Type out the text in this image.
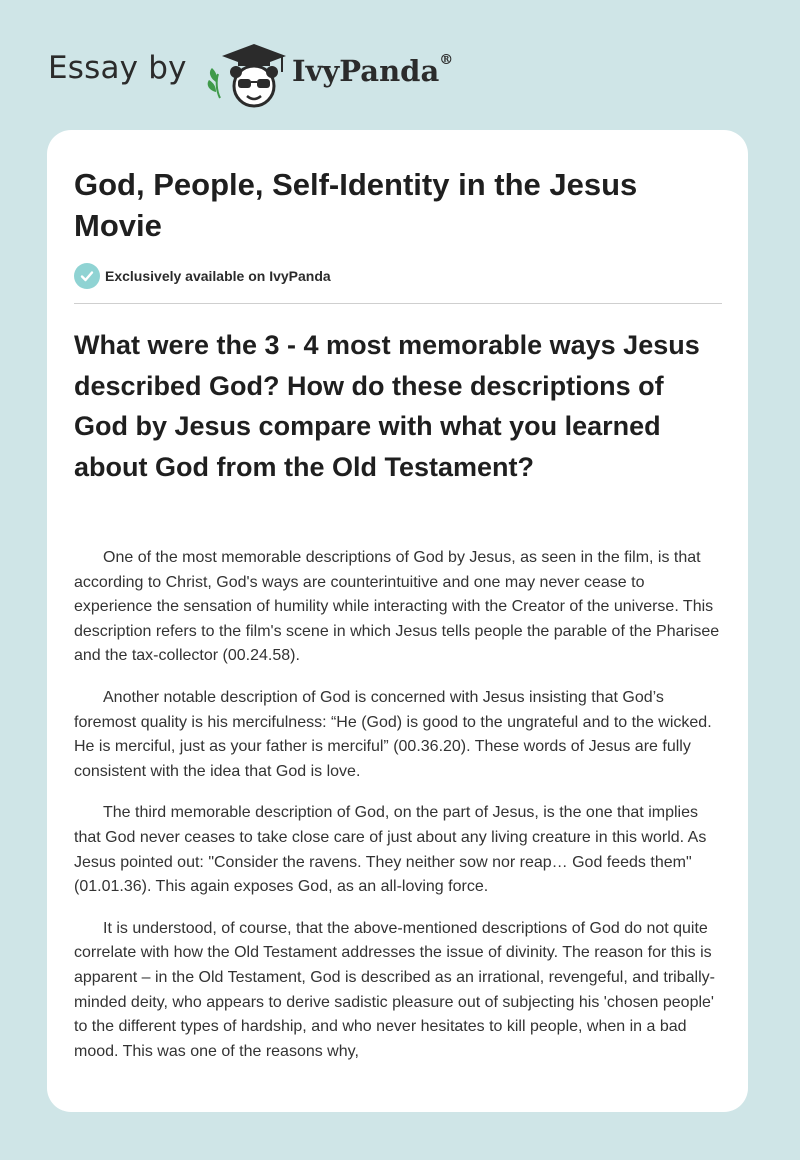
Essay by	IvyPanda®
God, People, Self-Identity in the Jesus Movie
Exclusively available on IvyPanda
What were the 3 - 4 most memorable ways Jesus described God? How do these descriptions of God by Jesus compare with what you learned about God from the Old Testament?

One of the most memorable descriptions of God by Jesus, as seen in the film, is that according to Christ, God's ways are counterintuitive and one may never cease to experience the sensation of humility while interacting with the Creator of the universe. This description refers to the film's scene in which Jesus tells people the parable of the Pharisee and the tax-collector (00.24.58).

Another notable description of God is concerned with Jesus insisting that God’s foremost quality is his mercifulness: “He (God) is good to the ungrateful and to the wicked. He is merciful, just as your father is merciful” (00.36.20). These words of Jesus are fully consistent with the idea that God is love.

The third memorable description of God, on the part of Jesus, is the one that implies that God never ceases to take close care of just about any living creature in this world. As Jesus pointed out: "Consider the ravens. They neither sow nor reap… God feeds them" (01.01.36). This again exposes God, as an all-loving force.

It is understood, of course, that the above-mentioned descriptions of God do not quite correlate with how the Old Testament addresses the issue of divinity. The reason for this is apparent – in the Old Testament, God is described as an irrational, revengeful, and tribally-minded deity, who appears to derive sadistic pleasure out of subjecting his 'chosen people' to the different types of hardship, and who never hesitates to kill people, when in a bad mood. This was one of the reasons why,
